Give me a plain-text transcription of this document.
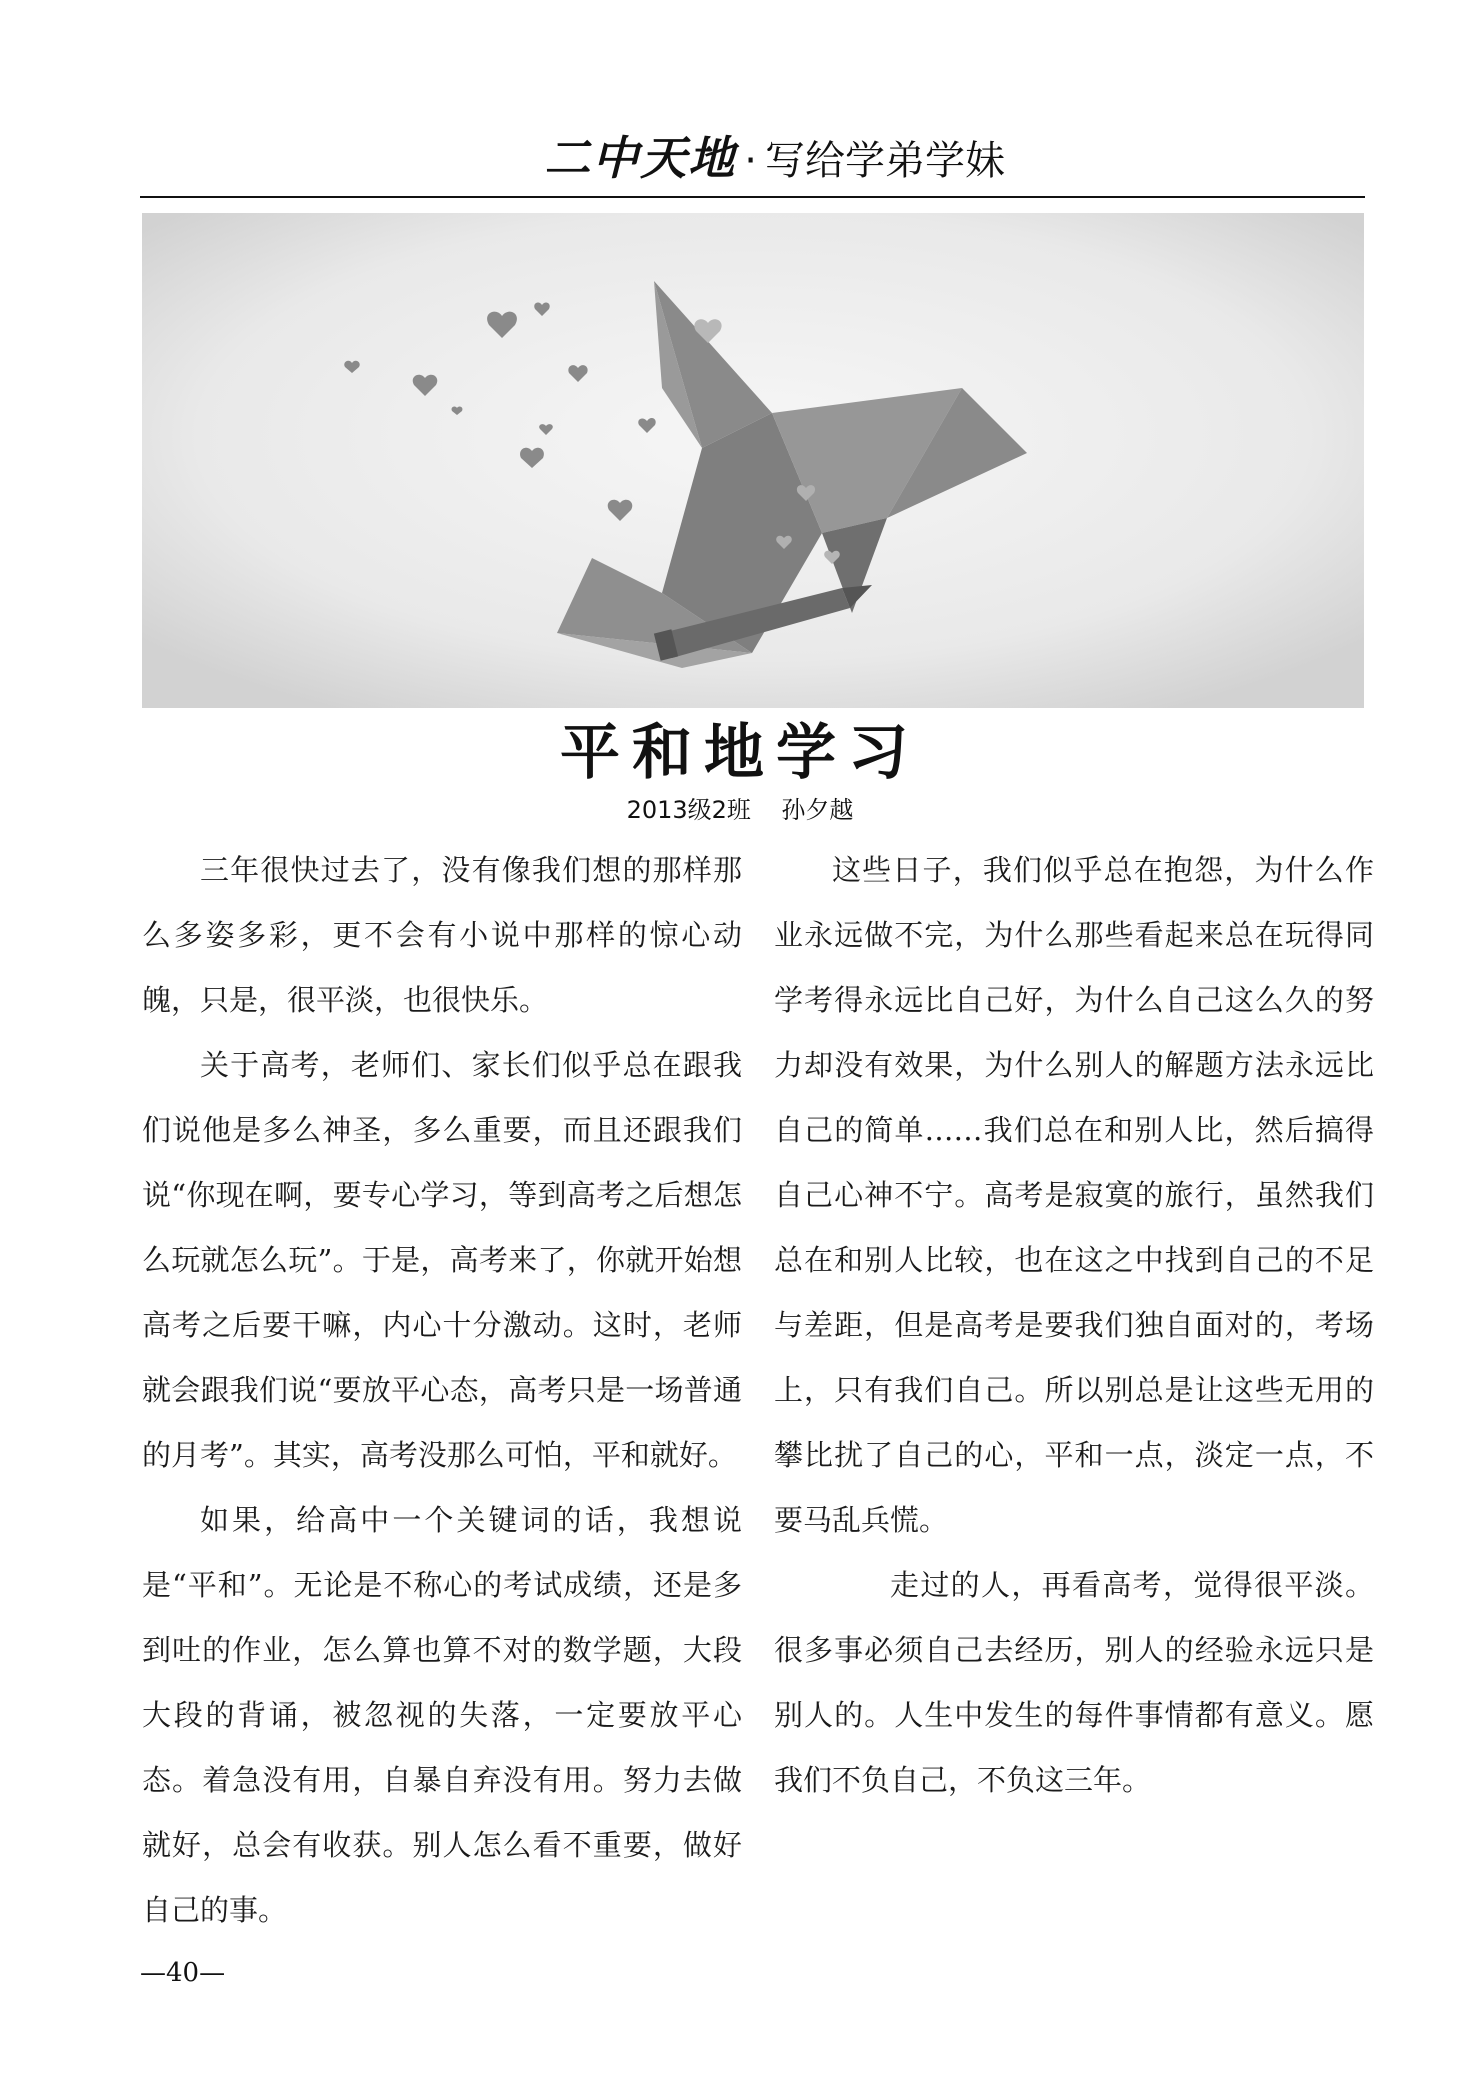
二中天地 · 写给学弟学妹
平和地学习
2013级2班    孙夕越

三年很快过去了，没有像我们想的那样那么多姿多彩，更不会有小说中那样的惊心动魄，只是，很平淡，也很快乐。

关于高考，老师们、家长们似乎总在跟我们说他是多么神圣，多么重要，而且还跟我们说“你现在啊，要专心学习，等到高考之后想怎么玩就怎么玩”。于是，高考来了，你就开始想高考之后要干嘛，内心十分激动。这时，老师就会跟我们说“要放平心态，高考只是一场普通的月考”。其实，高考没那么可怕，平和就好。

如果，给高中一个关键词的话，我想说是“平和”。无论是不称心的考试成绩，还是多到吐的作业，怎么算也算不对的数学题，大段大段的背诵，被忽视的失落，一定要放平心态。着急没有用，自暴自弃没有用。努力去做就好，总会有收获。别人怎么看不重要，做好自己的事。

这些日子，我们似乎总在抱怨，为什么作业永远做不完，为什么那些看起来总在玩得同学考得永远比自己好，为什么自己这么久的努力却没有效果，为什么别人的解题方法永远比自己的简单……我们总在和别人比，然后搞得自己心神不宁。高考是寂寞的旅行，虽然我们总在和别人比较，也在这之中找到自己的不足与差距，但是高考是要我们独自面对的，考场上，只有我们自己。所以别总是让这些无用的攀比扰了自己的心，平和一点，淡定一点，不要马乱兵慌。

走过的人，再看高考，觉得很平淡。很多事必须自己去经历，别人的经验永远只是别人的。人生中发生的每件事情都有意义。愿我们不负自己，不负这三年。

—40—
